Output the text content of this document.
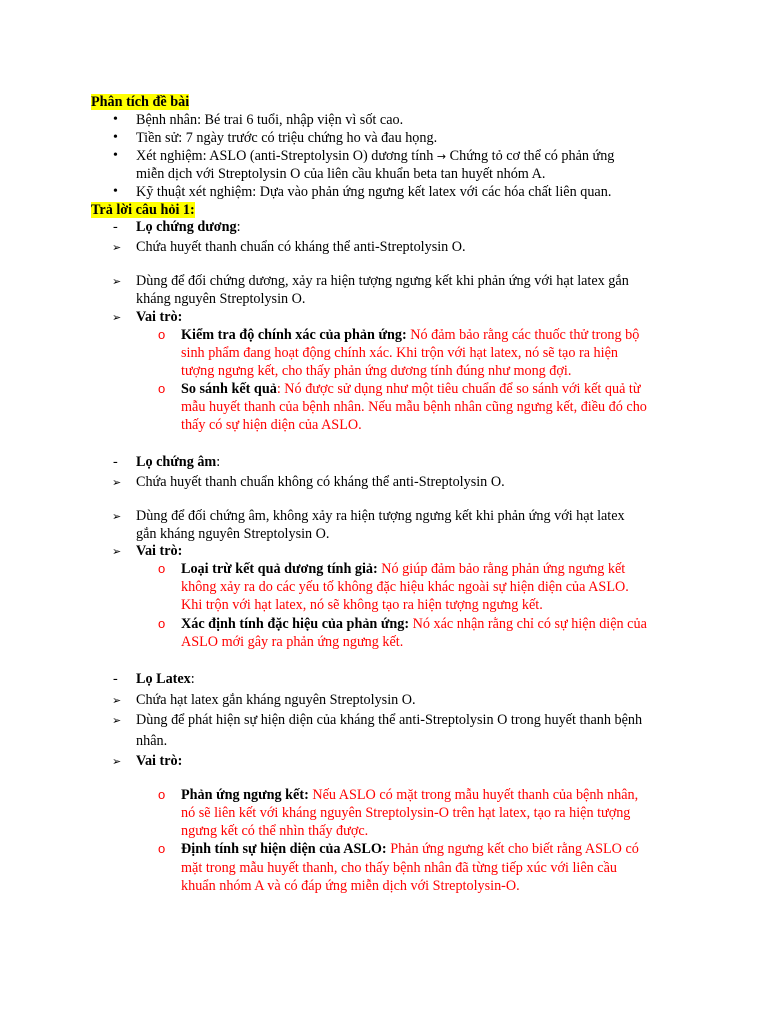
Phân tích đề bài
• Bệnh nhân: Bé trai 6 tuổi, nhập viện vì sốt cao.
• Tiền sử: 7 ngày trước có triệu chứng ho và đau họng.
• Xét nghiệm: ASLO (anti-Streptolysin O) dương tính → Chứng tỏ cơ thể có phản ứng
miễn dịch với Streptolysin O của liên cầu khuẩn beta tan huyết nhóm A.
• Kỹ thuật xét nghiệm: Dựa vào phản ứng ngưng kết latex với các hóa chất liên quan.
Trả lời câu hỏi 1:
- Lọ chứng dương:
➢ Chứa huyết thanh chuẩn có kháng thể anti-Streptolysin O.
➢ Dùng để đối chứng dương, xảy ra hiện tượng ngưng kết khi phản ứng với hạt latex gắn
kháng nguyên Streptolysin O.
➢ Vai trò:
o Kiểm tra độ chính xác của phản ứng: Nó đảm bảo rằng các thuốc thử trong bộ
sinh phẩm đang hoạt động chính xác. Khi trộn với hạt latex, nó sẽ tạo ra hiện
tượng ngưng kết, cho thấy phản ứng dương tính đúng như mong đợi.
o So sánh kết quả: Nó được sử dụng như một tiêu chuẩn để so sánh với kết quả từ
mẫu huyết thanh của bệnh nhân. Nếu mẫu bệnh nhân cũng ngưng kết, điều đó cho
thấy có sự hiện diện của ASLO.
- Lọ chứng âm:
➢ Chứa huyết thanh chuẩn không có kháng thể anti-Streptolysin O.
➢ Dùng để đối chứng âm, không xảy ra hiện tượng ngưng kết khi phản ứng với hạt latex
gắn kháng nguyên Streptolysin O.
➢ Vai trò:
o Loại trừ kết quả dương tính giả: Nó giúp đảm bảo rằng phản ứng ngưng kết
không xảy ra do các yếu tố không đặc hiệu khác ngoài sự hiện diện của ASLO.
Khi trộn với hạt latex, nó sẽ không tạo ra hiện tượng ngưng kết.
o Xác định tính đặc hiệu của phản ứng: Nó xác nhận rằng chỉ có sự hiện diện của
ASLO mới gây ra phản ứng ngưng kết.
- Lọ Latex:
➢ Chứa hạt latex gắn kháng nguyên Streptolysin O.
➢ Dùng để phát hiện sự hiện diện của kháng thể anti-Streptolysin O trong huyết thanh bệnh
nhân.
➢ Vai trò:
o Phản ứng ngưng kết: Nếu ASLO có mặt trong mẫu huyết thanh của bệnh nhân,
nó sẽ liên kết với kháng nguyên Streptolysin-O trên hạt latex, tạo ra hiện tượng
ngưng kết có thể nhìn thấy được.
o Định tính sự hiện diện của ASLO: Phản ứng ngưng kết cho biết rằng ASLO có
mặt trong mẫu huyết thanh, cho thấy bệnh nhân đã từng tiếp xúc với liên cầu
khuẩn nhóm A và có đáp ứng miễn dịch với Streptolysin-O.
